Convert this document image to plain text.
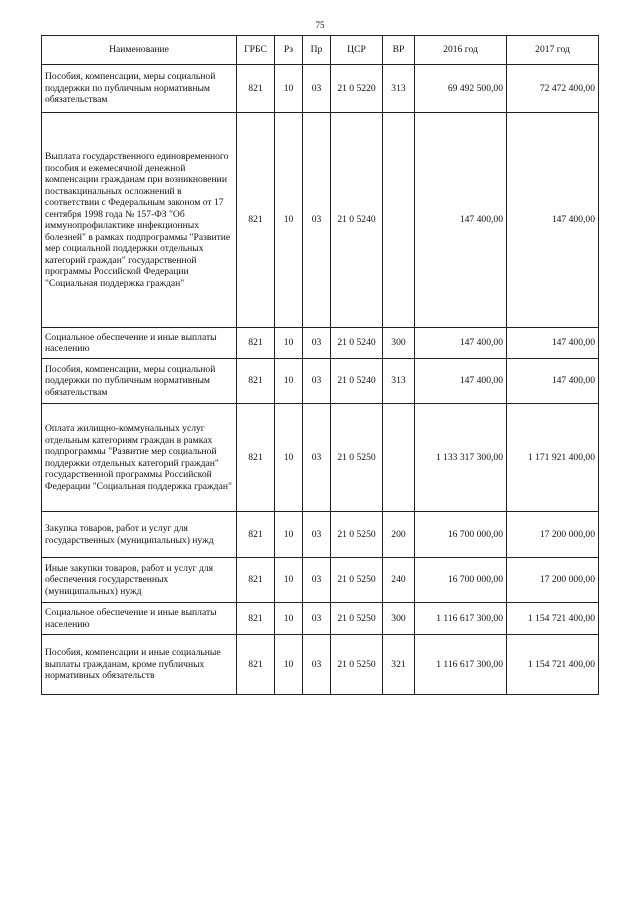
75
Наименование	ГРБС	Рз	Пр	ЦСР	ВР	2016 год	2017 год
Пособия, компенсации, меры социальной поддержки по публичным нормативным обязательствам	821	10	03	21 0 5220	313	69 492 500,00	72 472 400,00
Выплата государственного единовременного пособия и ежемесячной денежной компенсации гражданам при возникновении поствакцинальных осложнений в соответствии с Федеральным законом от 17 сентября 1998 года № 157-ФЗ "Об иммунопрофилактике инфекционных болезней" в рамках подпрограммы "Развитие мер социальной поддержки отдельных категорий граждан" государственной программы Российской Федерации "Социальная поддержка граждан"	821	10	03	21 0 5240		147 400,00	147 400,00
Социальное обеспечение и иные выплаты населению	821	10	03	21 0 5240	300	147 400,00	147 400,00
Пособия, компенсации, меры социальной поддержки по публичным нормативным обязательствам	821	10	03	21 0 5240	313	147 400,00	147 400,00
Оплата жилищно-коммунальных услуг отдельным категориям граждан в рамках подпрограммы "Развитие мер социальной поддержки отдельных категорий граждан" государственной программы Российской Федерации "Социальная поддержка граждан"	821	10	03	21 0 5250		1 133 317 300,00	1 171 921 400,00
Закупка товаров, работ и услуг для государственных (муниципальных) нужд	821	10	03	21 0 5250	200	16 700 000,00	17 200 000,00
Иные закупки товаров, работ и услуг для обеспечения государственных (муниципальных) нужд	821	10	03	21 0 5250	240	16 700 000,00	17 200 000,00
Социальное обеспечение и иные выплаты населению	821	10	03	21 0 5250	300	1 116 617 300,00	1 154 721 400,00
Пособия, компенсации и иные социальные выплаты гражданам, кроме публичных нормативных обязательств	821	10	03	21 0 5250	321	1 116 617 300,00	1 154 721 400,00
